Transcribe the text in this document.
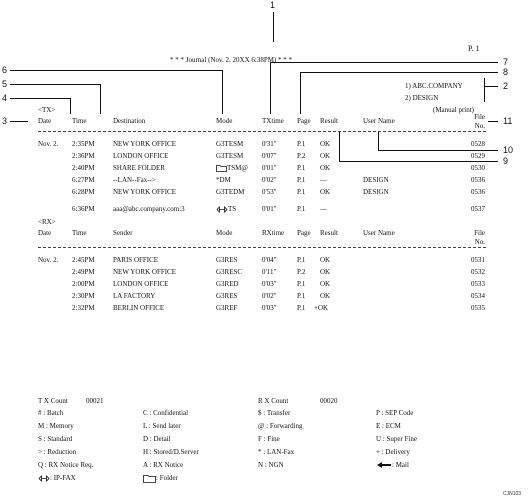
1
2
3
4
5
6
7
8
9
10
11
P. 1
* * * Journal (Nov. 2. 20XX 6:38PM) * * *
1) ABC.COMPANY
2) DESIGN
(Manual print)
<TX>
Date	Time	Destination	Mode	TXtime Page Result	User Name	File
No.
Nov. 2. 2:35PM	NEW YORK OFFICE	G3TESM	0'31"	P.1 OK	0528
2:36PM	LONDON OFFICE	G3TESM	0'07"	P.2 OK	0529
2:40PM	SHARE FOLDER	TSM@ 0'01"	P.1 OK	0530
6:27PM	--LAN--Fax-->	*DM	0'02"	P.1 —	DESIGN	0536
6:28PM	NEW YORK OFFICE	G3TEDM	0'53"	P.1 OK	DESIGN	0536
6:36PM	aaa@abc.company.com:3	TS	0'01"	P.1 —	0537
<RX>
Date	Time	Sender	Mode	RXtime Page Result	User Name	File
No.
Nov. 2. 2:45PM	PARIS OFFICE	G3RES	0'04"	P.1 OK	0531
2:49PM	NEW YORK OFFICE	G3RESC	0'11"	P.2 OK	0532
2:00PM	LONDON OFFICE	G3RED	0'03"	P.1 OK	0533
2:30PM	LA FACTORY	G3RES	0'02"	P.1 OK	0534
2:32PM	BERLIN OFFICE	G3REF	0'03"	P.1 +OK	0535
T X Count	00021	R X Count	00020
# : Batch	C : Confidential	$ : Transfer	P : SEP Code
M : Memory	L : Send later	@ : Forwarding	E : ECM
S : Standard	D : Detail	F : Fine	U : Super Fine
> : Reduction	H : Stored/D.Server	* : LAN-Fax	+ : Delivery
Q : RX Notice Req.	A : RX Notice	N : NGN	: Mail
: IP-FAX	: Folder
CJN103
